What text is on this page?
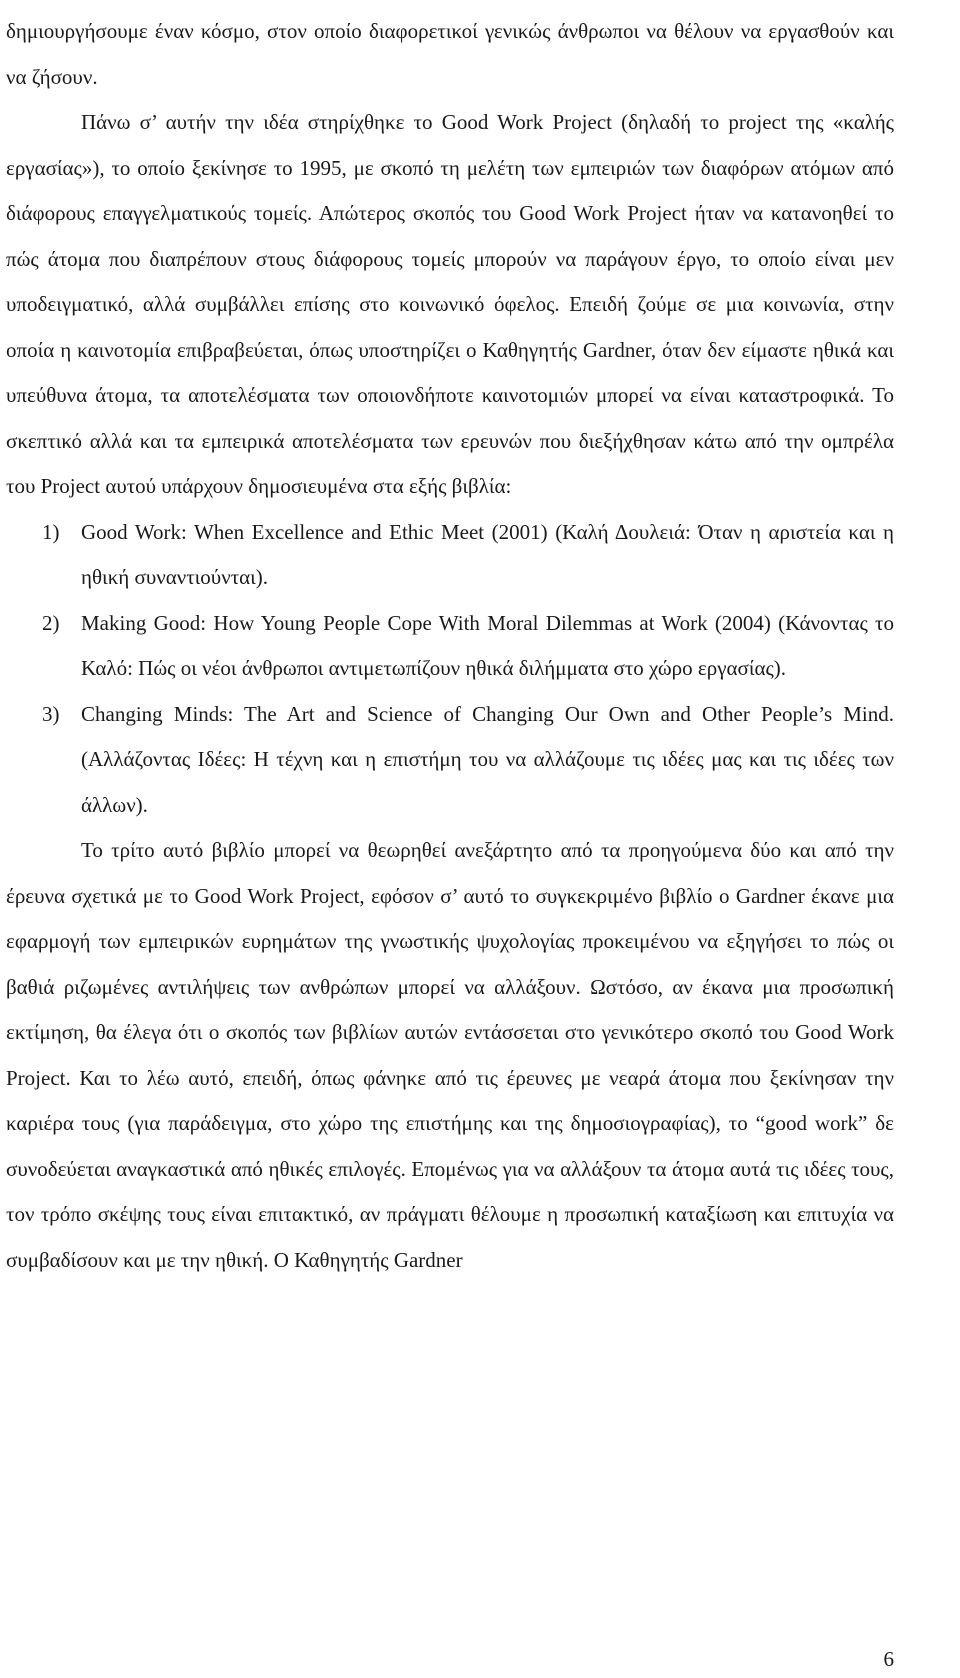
δημιουργήσουμε έναν κόσμο, στον οποίο διαφορετικοί γενικώς άνθρωποι να θέλουν να εργασθούν και να ζήσουν.

Πάνω σ’ αυτήν την ιδέα στηρίχθηκε το Good Work Project (δηλαδή το project της «καλής εργασίας»), το οποίο ξεκίνησε το 1995, με σκοπό τη μελέτη των εμπειριών των διαφόρων ατόμων από διάφορους επαγγελματικούς τομείς. Απώτερος σκοπός του Good Work Project ήταν να κατανοηθεί το πώς άτομα που διαπρέπουν στους διάφορους τομείς μπορούν να παράγουν έργο, το οποίο είναι μεν υποδειγματικό, αλλά συμβάλλει επίσης στο κοινωνικό όφελος. Επειδή ζούμε σε μια κοινωνία, στην οποία η καινοτομία επιβραβεύεται, όπως υποστηρίζει ο Καθηγητής Gardner, όταν δεν είμαστε ηθικά και υπεύθυνα άτομα, τα αποτελέσματα των οποιονδήποτε καινοτομιών μπορεί να είναι καταστροφικά. Το σκεπτικό αλλά και τα εμπειρικά αποτελέσματα των ερευνών που διεξήχθησαν κάτω από την ομπρέλα του Project αυτού υπάρχουν δημοσιευμένα στα εξής βιβλία:

1) Good Work: When Excellence and Ethic Meet (2001) (Καλή Δουλειά: Όταν η αριστεία και η ηθική συναντιούνται).
2) Making Good: How Young People Cope With Moral Dilemmas at Work (2004) (Κάνοντας το Καλό: Πώς οι νέοι άνθρωποι αντιμετωπίζουν ηθικά διλήμματα στο χώρο εργασίας).
3) Changing Minds: The Art and Science of Changing Our Own and Other People’s Mind. (Αλλάζοντας Ιδέες: Η τέχνη και η επιστήμη του να αλλάζουμε τις ιδέες μας και τις ιδέες των άλλων).

Το τρίτο αυτό βιβλίο μπορεί να θεωρηθεί ανεξάρτητο από τα προηγούμενα δύο και από την έρευνα σχετικά με το Good Work Project, εφόσον σ’ αυτό το συγκεκριμένο βιβλίο ο Gardner έκανε μια εφαρμογή των εμπειρικών ευρημάτων της γνωστικής ψυχολογίας προκειμένου να εξηγήσει το πώς οι βαθιά ριζωμένες αντιλήψεις των ανθρώπων μπορεί να αλλάξουν. Ωστόσο, αν έκανα μια προσωπική εκτίμηση, θα έλεγα ότι ο σκοπός των βιβλίων αυτών εντάσσεται στο γενικότερο σκοπό του Good Work Project. Και το λέω αυτό, επειδή, όπως φάνηκε από τις έρευνες με νεαρά άτομα που ξεκίνησαν την καριέρα τους (για παράδειγμα, στο χώρο της επιστήμης και της δημοσιογραφίας), το “good work” δε συνοδεύεται αναγκαστικά από ηθικές επιλογές. Επομένως για να αλλάξουν τα άτομα αυτά τις ιδέες τους, τον τρόπο σκέψης τους είναι επιτακτικό, αν πράγματι θέλουμε η προσωπική καταξίωση και επιτυχία να συμβαδίσουν και με την ηθική. Ο Καθηγητής Gardner

6
